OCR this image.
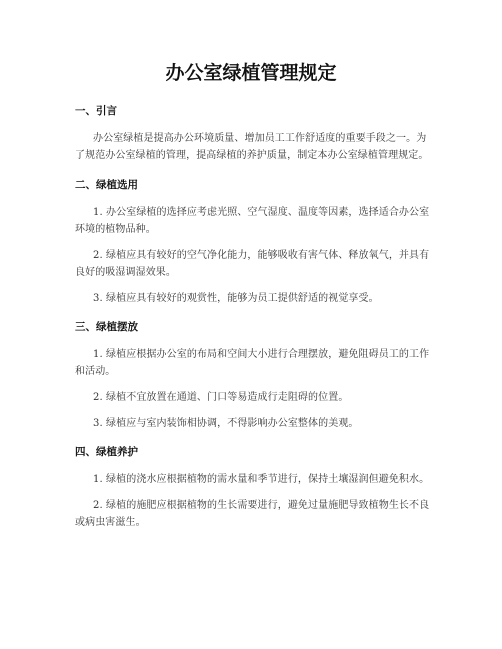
办公室绿植管理规定

一、引言

办公室绿植是提高办公环境质量、增加员工工作舒适度的重要手段之一。为了规范办公室绿植的管理，提高绿植的养护质量，制定本办公室绿植管理规定。

二、绿植选用

1. 办公室绿植的选择应考虑光照、空气湿度、温度等因素，选择适合办公室环境的植物品种。

2. 绿植应具有较好的空气净化能力，能够吸收有害气体、释放氧气，并具有良好的吸湿调湿效果。

3. 绿植应具有较好的观赏性，能够为员工提供舒适的视觉享受。

三、绿植摆放

1. 绿植应根据办公室的布局和空间大小进行合理摆放，避免阻碍员工的工作和活动。

2. 绿植不宜放置在通道、门口等易造成行走阻碍的位置。

3. 绿植应与室内装饰相协调，不得影响办公室整体的美观。

四、绿植养护

1. 绿植的浇水应根据植物的需水量和季节进行，保持土壤湿润但避免积水。

2. 绿植的施肥应根据植物的生长需要进行，避免过量施肥导致植物生长不良或病虫害滋生。
